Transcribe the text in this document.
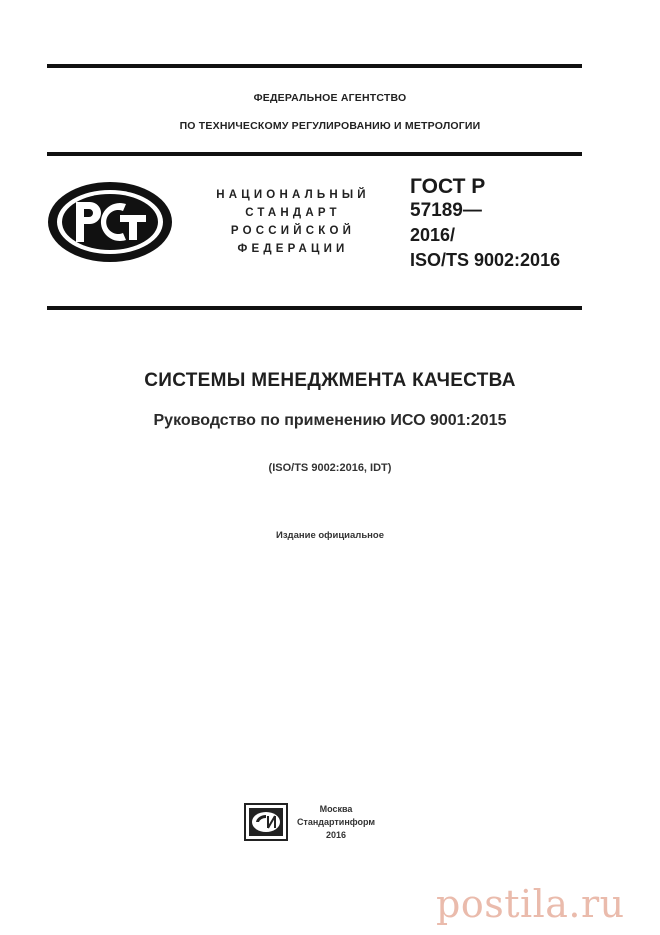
ФЕДЕРАЛЬНОЕ АГЕНТСТВО
ПО ТЕХНИЧЕСКОМУ РЕГУЛИРОВАНИЮ И МЕТРОЛОГИИ
НАЦИОНАЛЬНЫЙ
СТАНДАРТ
РОССИЙСКОЙ
ФЕДЕРАЦИИ
ГОСТ Р
57189—
2016/
ISO/TS 9002:2016
СИСТЕМЫ МЕНЕДЖМЕНТА КАЧЕСТВА
Руководство по применению ИСО 9001:2015
(ISO/TS 9002:2016, IDT)
Издание официальное
Москва
Стандартинформ
2016
postila.ru
